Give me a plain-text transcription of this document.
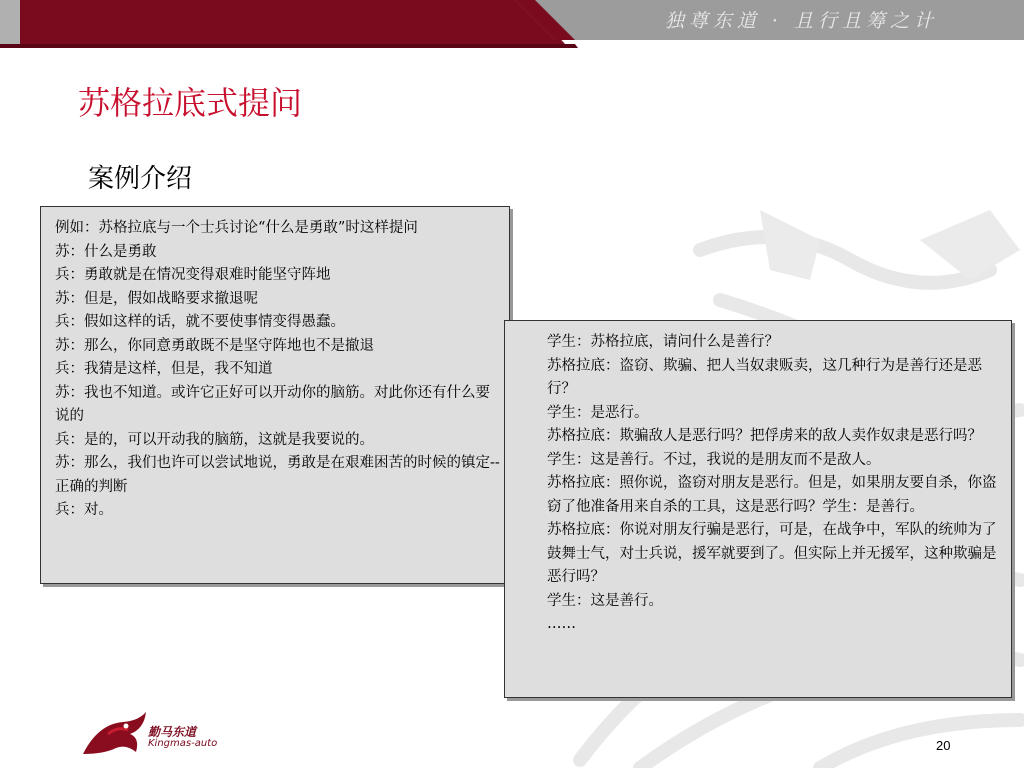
独尊东道 · 且行且筹之计
苏格拉底式提问
案例介绍
例如：苏格拉底与一个士兵讨论“什么是勇敢”时这样提问
苏：什么是勇敢
兵：勇敢就是在情况变得艰难时能坚守阵地
苏：但是，假如战略要求撤退呢
兵：假如这样的话，就不要使事情变得愚蠢。
苏：那么，你同意勇敢既不是坚守阵地也不是撤退
兵：我猜是这样，但是，我不知道
苏：我也不知道。或许它正好可以开动你的脑筋。对此你还有什么要说的
兵：是的，可以开动我的脑筋，这就是我要说的。
苏：那么，我们也许可以尝试地说，勇敢是在艰难困苦的时候的镇定--正确的判断
兵：对。
学生：苏格拉底，请问什么是善行？
苏格拉底：盗窃、欺骗、把人当奴隶贩卖，这几种行为是善行还是恶行？
学生：是恶行。
苏格拉底：欺骗敌人是恶行吗？把俘虏来的敌人卖作奴隶是恶行吗？
学生：这是善行。不过，我说的是朋友而不是敌人。
苏格拉底：照你说，盗窃对朋友是恶行。但是，如果朋友要自杀，你盗窃了他准备用来自杀的工具，这是恶行吗？学生：是善行。
苏格拉底：你说对朋友行骗是恶行，可是，在战争中，军队的统帅为了鼓舞士气，对士兵说，援军就要到了。但实际上并无援军，这种欺骗是恶行吗？
学生：这是善行。
……
勤马东道
Kingmas-auto	20
